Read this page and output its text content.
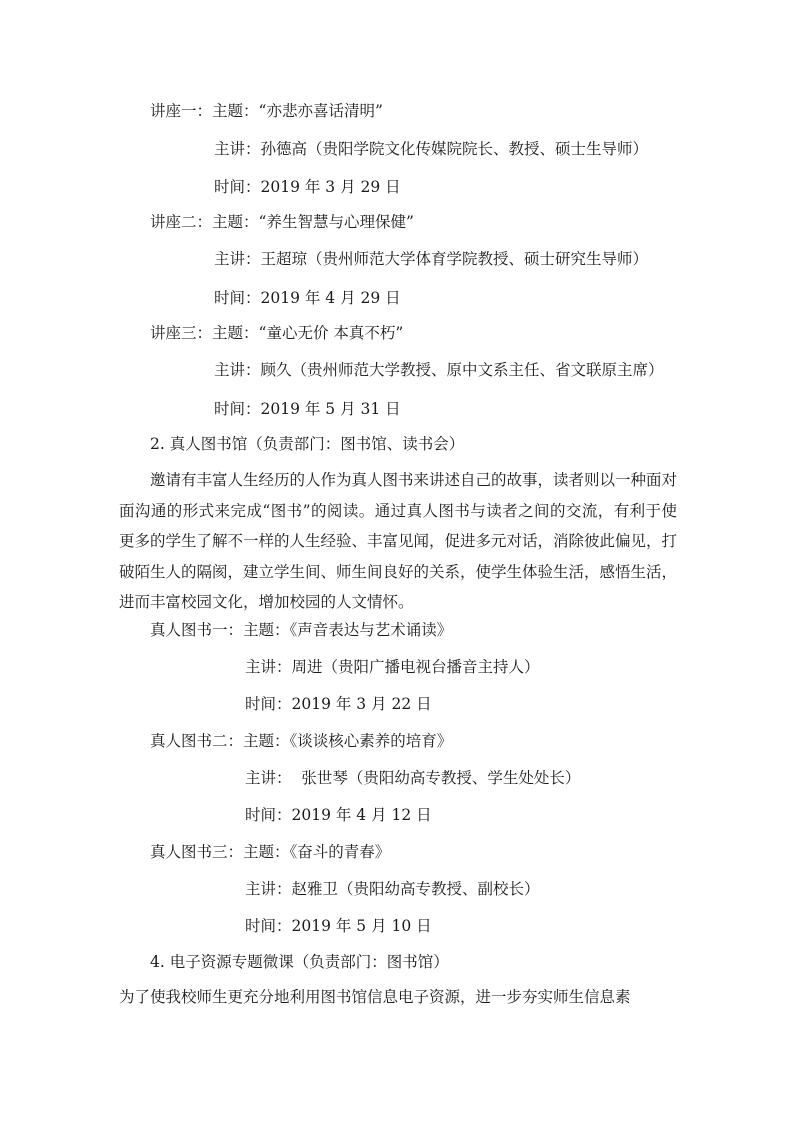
讲座一：主题：“亦悲亦喜话清明”
主讲：孙德高（贵阳学院文化传媒院院长、教授、硕士生导师）
时间：2019 年 3 月 29 日
讲座二：主题：“养生智慧与心理保健”
主讲：王超琼（贵州师范大学体育学院教授、硕士研究生导师）
时间：2019 年 4 月 29 日
讲座三：主题：“童心无价 本真不朽”
主讲：顾久（贵州师范大学教授、原中文系主任、省文联原主席）
时间：2019 年 5 月 31 日
2. 真人图书馆（负责部门：图书馆、读书会）
邀请有丰富人生经历的人作为真人图书来讲述自己的故事，读者则以一种面对面沟通的形式来完成“图书”的阅读。通过真人图书与读者之间的交流，有利于使更多的学生了解不一样的人生经验、丰富见闻，促进多元对话，消除彼此偏见，打破陌生人的隔阂，建立学生间、师生间良好的关系，使学生体验生活，感悟生活，进而丰富校园文化，增加校园的人文情怀。
真人图书一：主题：《声音表达与艺术诵读》
主讲：周进（贵阳广播电视台播音主持人）
时间：2019 年 3 月 22 日
真人图书二：主题：《谈谈核心素养的培育》
主讲：  张世琴（贵阳幼高专教授、学生处处长）
时间：2019 年 4 月 12 日
真人图书三：主题：《奋斗的青春》
主讲：赵雅卫（贵阳幼高专教授、副校长）
时间：2019 年 5 月 10 日
4. 电子资源专题微课（负责部门：图书馆）
为了使我校师生更充分地利用图书馆信息电子资源，进一步夯实师生信息素
